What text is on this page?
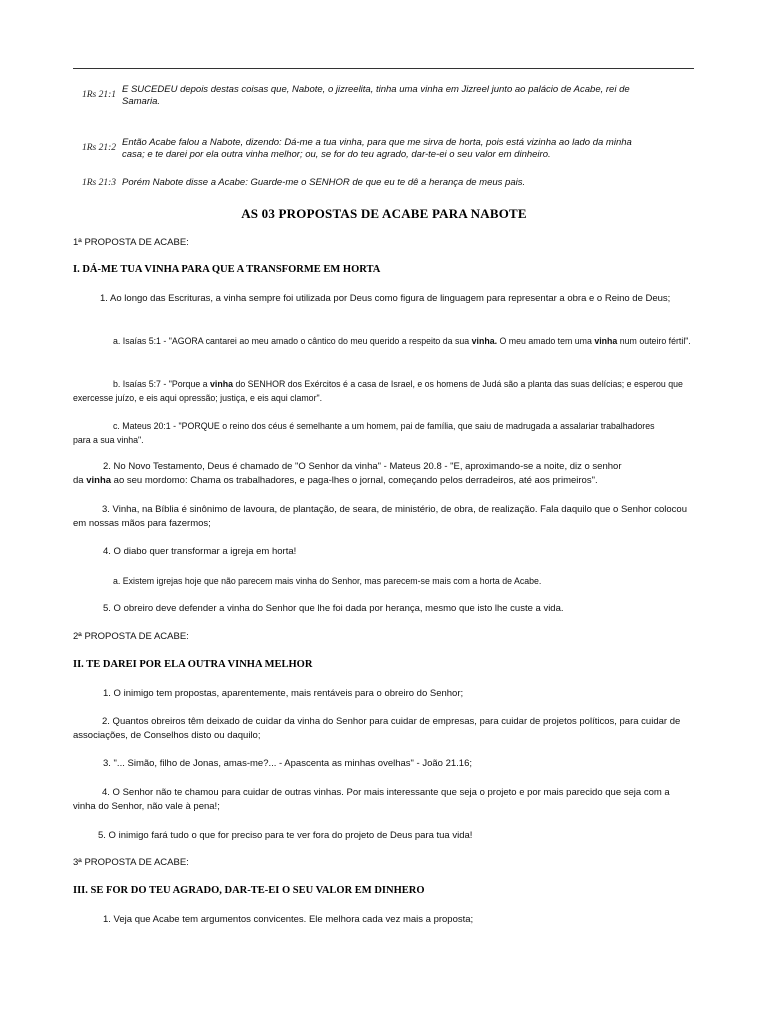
1Rs 21:1 E SUCEDEU depois destas coisas que, Nabote, o jizreelita, tinha uma vinha em Jizreel junto ao palácio de Acabe, rei de Samaria.
1Rs 21:2 Então Acabe falou a Nabote, dizendo: Dá-me a tua vinha, para que me sirva de horta, pois está vizinha ao lado da minha casa; e te darei por ela outra vinha melhor; ou, se for do teu agrado, dar-te-ei o seu valor em dinheiro.
1Rs 21:3 Porém Nabote disse a Acabe: Guarde-me o SENHOR de que eu te dê a herança de meus pais.
AS 03 PROPOSTAS DE ACABE PARA NABOTE
1ª PROPOSTA DE ACABE:
I. DÁ-ME TUA VINHA PARA QUE A TRANSFORME EM HORTA
1. Ao longo das Escrituras, a vinha sempre foi utilizada por Deus como figura de linguagem para representar a obra e o Reino de Deus;
a. Isaías 5:1 - "AGORA cantarei ao meu amado o cântico do meu querido a respeito da sua vinha. O meu amado tem uma vinha num outeiro fértil".
b. Isaías 5:7 - "Porque a vinha do SENHOR dos Exércitos é a casa de Israel, e os homens de Judá são a planta das suas delícias; e esperou que exercesse juízo, e eis aqui opressão; justiça, e eis aqui clamor".
c. Mateus 20:1 - "PORQUE o reino dos céus é semelhante a um homem, pai de família, que saiu de madrugada a assalariar trabalhadores para a sua vinha".
2. No Novo Testamento, Deus é chamado de "O Senhor da vinha" - Mateus 20.8 - "E, aproximando-se a noite, diz o senhor
da vinha ao seu mordomo: Chama os trabalhadores, e paga-lhes o jornal, começando pelos derradeiros, até aos primeiros".
3. Vinha, na Bíblia é sinônimo de lavoura, de plantação, de seara, de ministério, de obra, de realização. Fala daquilo que o Senhor colocou em nossas mãos para fazermos;
4. O diabo quer transformar a igreja em horta!
a. Existem igrejas hoje que não parecem mais vinha do Senhor, mas parecem-se mais com a horta de Acabe.
5. O obreiro deve defender a vinha do Senhor que lhe foi dada por herança, mesmo que isto lhe custe a vida.
2ª PROPOSTA DE ACABE:
II. TE DAREI POR ELA OUTRA VINHA MELHOR
1. O inimigo tem propostas, aparentemente, mais rentáveis para o obreiro do Senhor;
2. Quantos obreiros têm deixado de cuidar da vinha do Senhor para cuidar de empresas, para cuidar de projetos políticos, para cuidar de associações, de Conselhos disto ou daquilo;
3. "... Simão, filho de Jonas, amas-me?... - Apascenta as minhas ovelhas" - João 21.16;
4. O Senhor não te chamou para cuidar de outras vinhas. Por mais interessante que seja o projeto e por mais parecido que seja com a vinha do Senhor, não vale à pena!;
5. O inimigo fará tudo o que for preciso para te ver fora do projeto de Deus para tua vida!
3ª PROPOSTA DE ACABE:
III. SE FOR DO TEU AGRADO, DAR-TE-EI O SEU VALOR EM DINHERO
1. Veja que Acabe tem argumentos convicentes. Ele melhora cada vez mais a proposta;
